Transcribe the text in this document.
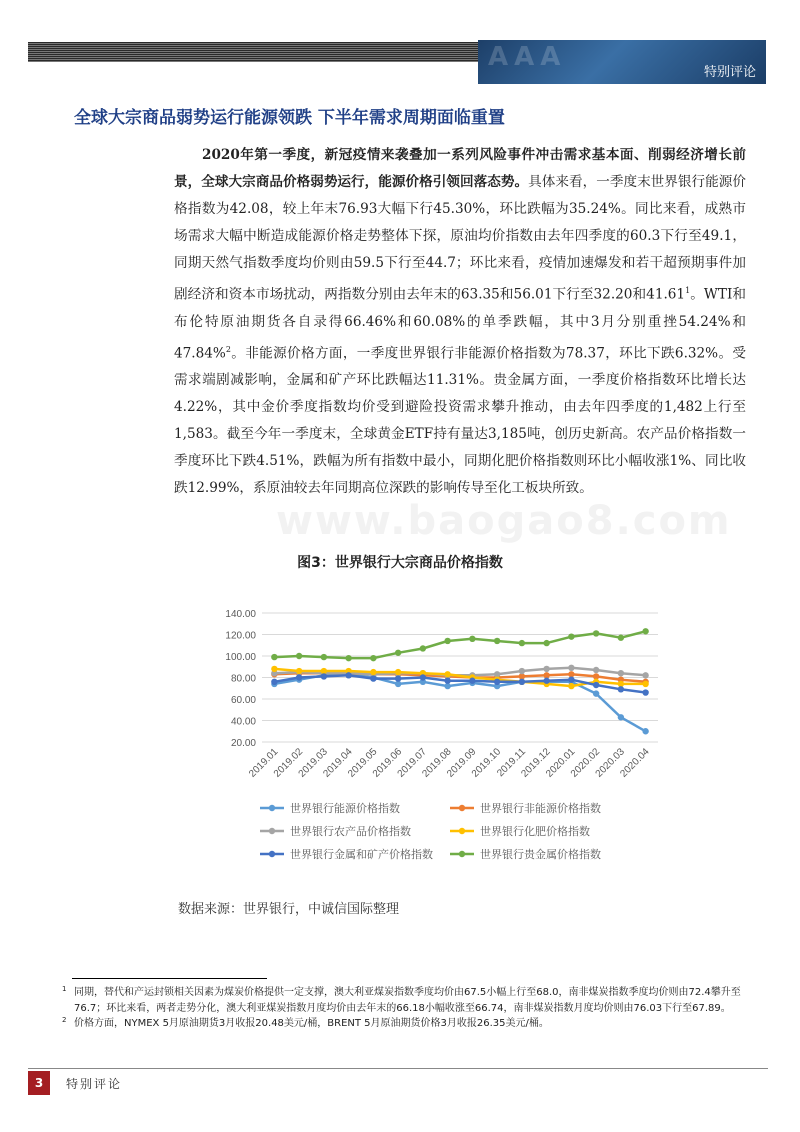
AAA
特别评论
全球大宗商品弱势运行能源领跌 下半年需求周期面临重置
2020年第一季度，新冠疫情来袭叠加一系列风险事件冲击需求基本面、削弱经济增长前景，全球大宗商品价格弱势运行，能源价格引领回落态势。具体来看，一季度末世界银行能源价格指数为42.08，较上年末76.93大幅下行45.30%，环比跌幅为35.24%。同比来看，成熟市场需求大幅中断造成能源价格走势整体下探，原油均价指数由去年四季度的60.3下行至49.1，同期天然气指数季度均价则由59.5下行至44.7；环比来看，疫情加速爆发和若干超预期事件加剧经济和资本市场扰动，两指数分别由去年末的63.35和56.01下行至32.20和41.61$^1$。WTI和布伦特原油期货各自录得66.46%和60.08%的单季跌幅，其中3月分别重挫54.24%和47.84%$^2$。非能源价格方面，一季度世界银行非能源价格指数为78.37，环比下跌6.32%。受需求端剧减影响，金属和矿产环比跌幅达11.31%。贵金属方面，一季度价格指数环比增长达4.22%，其中金价季度指数均价受到避险投资需求攀升推动，由去年四季度的1,482上行至1,583。截至今年一季度末，全球黄金ETF持有量达3,185吨，创历史新高。农产品价格指数一季度环比下跌4.51%，跌幅为所有指数中最小，同期化肥价格指数则环比小幅收涨1%、同比收跌12.99%，系原油较去年同期高位深跌的影响传导至化工板块所致。
www.baogao8.com
图3：世界银行大宗商品价格指数
20.00
40.00
60.00
80.00
100.00
120.00
140.00
2019.01
2019.02
2019.03
2019.04
2019.05
2019.06
2019.07
2019.08
2019.09
2019.10
2019.11
2019.12
2020.01
2020.02
2020.03
2020.04
世界银行能源价格指数	世界银行非能源价格指数
世界银行农产品价格指数	世界银行化肥价格指数
世界银行金属和矿产价格指数	世界银行贵金属价格指数
数据来源：世界银行，中诚信国际整理
1 同期，替代和产运封锁相关因素为煤炭价格提供一定支撑，澳大利亚煤炭指数季度均价由67.5小幅上行至68.0，南非煤炭指数季度均价则由72.4攀升至76.7；环比来看，两者走势分化，澳大利亚煤炭指数月度均价由去年末的66.18小幅收涨至66.74，南非煤炭指数月度均价则由76.03下行至67.89。
2 价格方面，NYMEX 5月原油期货3月收报20.48美元/桶，BRENT 5月原油期货价格3月收报26.35美元/桶。
3	特别评论
